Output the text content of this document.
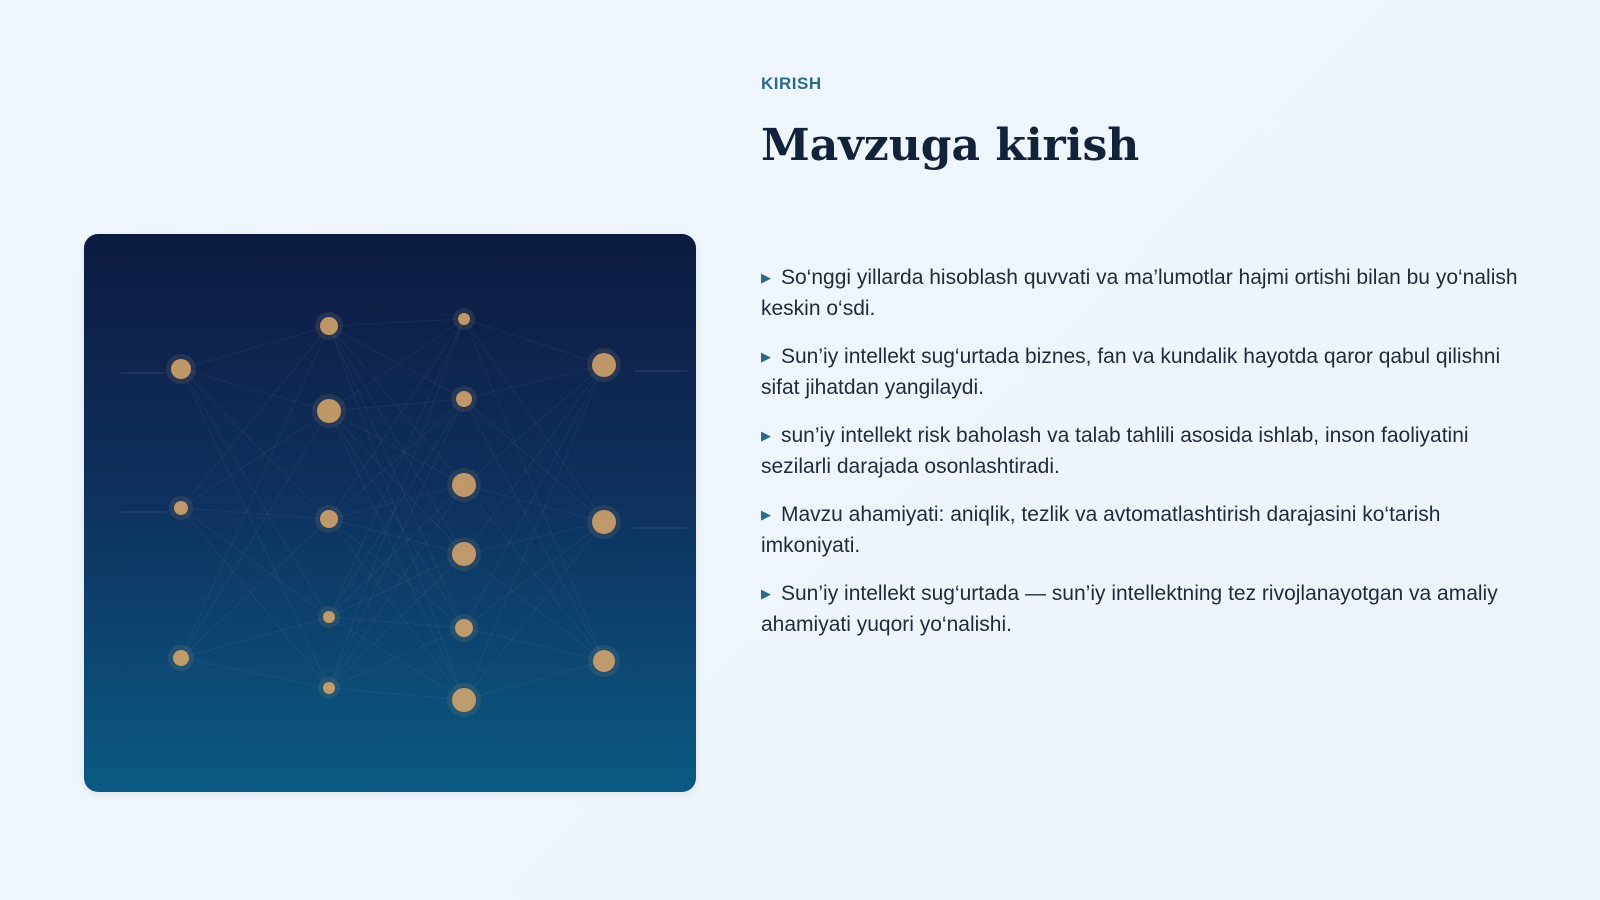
KIRISH
Mavzuga kirish
▶ So‘nggi yillarda hisoblash quvvati va ma’lumotlar hajmi ortishi bilan bu yo‘nalish keskin o‘sdi.
▶ Sun’iy intellekt sug‘urtada biznes, fan va kundalik hayotda qaror qabul qilishni sifat jihatdan yangilaydi.
▶ sun’iy intellekt risk baholash va talab tahlili asosida ishlab, inson faoliyatini sezilarli darajada osonlashtiradi.
▶ Mavzu ahamiyati: aniqlik, tezlik va avtomatlashtirish darajasini ko‘tarish imkoniyati.
▶ Sun’iy intellekt sug‘urtada — sun’iy intellektning tez rivojlanayotgan va amaliy ahamiyati yuqori yo‘nalishi.
